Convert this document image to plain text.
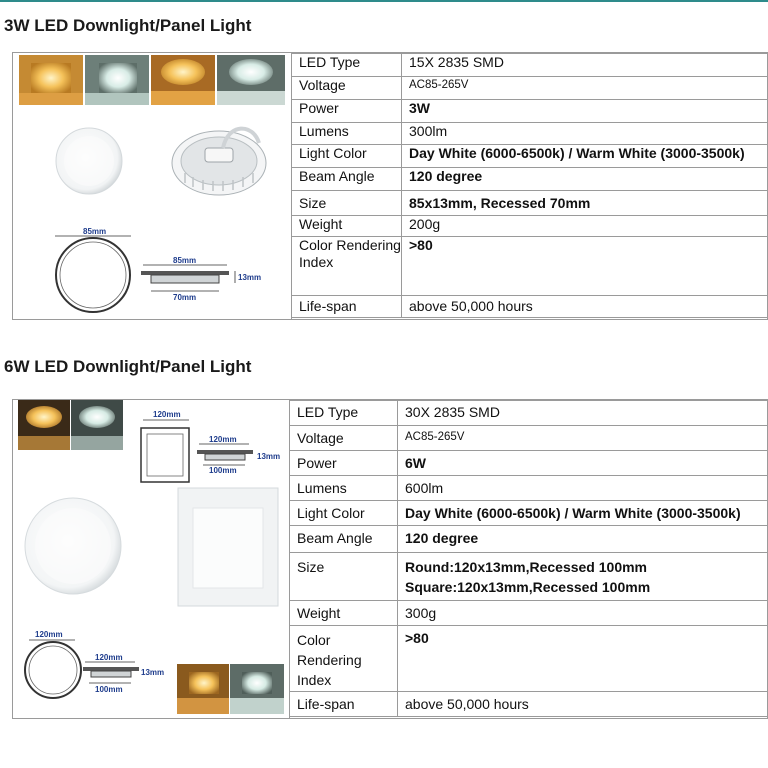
3W LED Downlight/Panel Light
85mm
85mm
70mm
13mm
LED Type	15X 2835 SMD
Voltage	AC85-265V
Power	3W
Lumens	300lm
Light Color	Day White (6000-6500k) / Warm White (3000-3500k)
Beam Angle	120 degree
Size	85x13mm, Recessed 70mm
Weight	200g
Color Rendering Index	>80
Life-span	above 50,000 hours
6W LED Downlight/Panel Light
120mm
120mm
100mm
13mm
120mm
120mm
100mm
13mm
LED Type	30X 2835 SMD
Voltage	AC85-265V
Power	6W
Lumens	600lm
Light Color	Day White (6000-6500k) / Warm White (3000-3500k)
Beam Angle	120 degree
Size	Round:120x13mm,Recessed 100mm
Square:120x13mm,Recessed 100mm

Weight	300g
Color Rendering Index	>80
Life-span	above 50,000 hours
